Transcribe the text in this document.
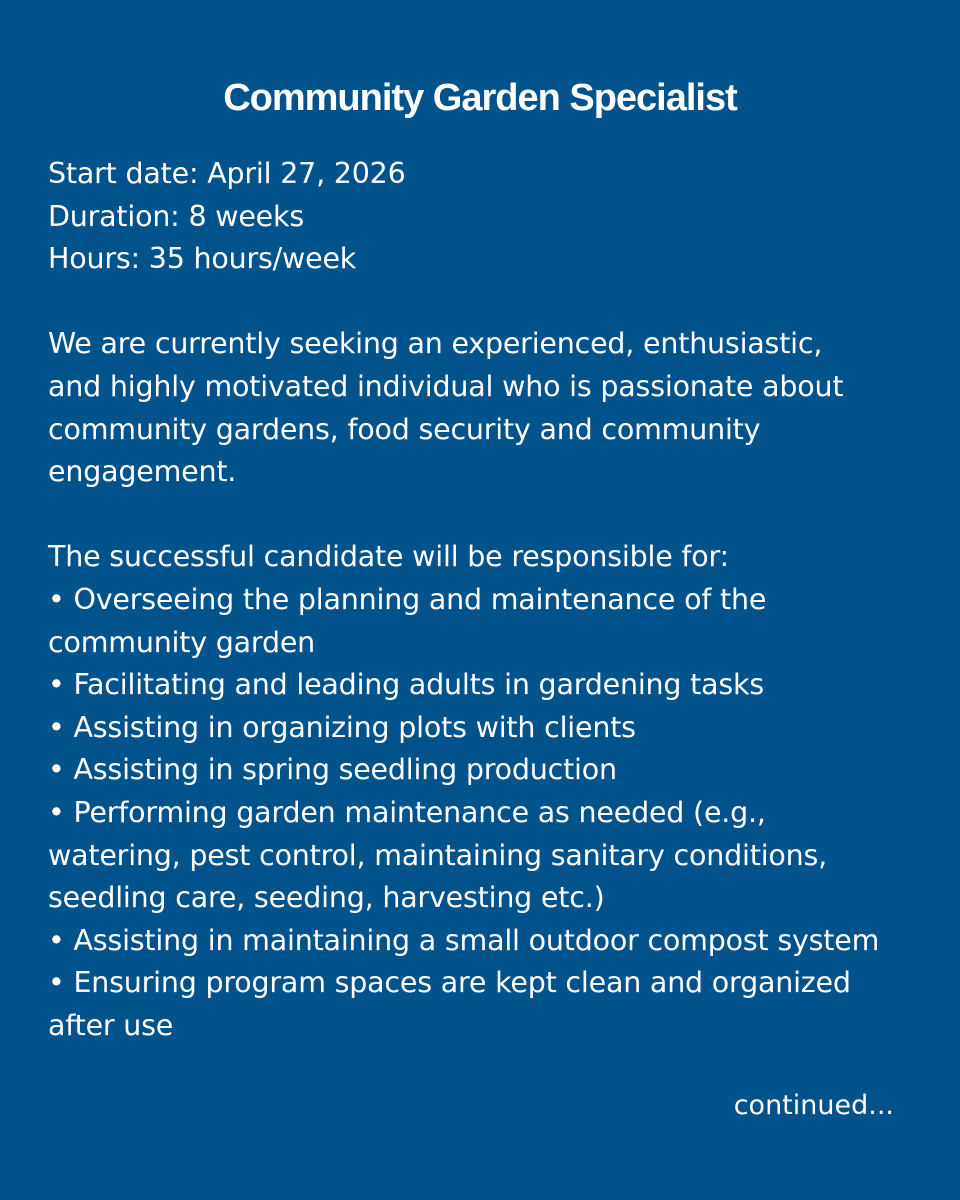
Community Garden Specialist

Start date: April 27, 2026

Duration: 8 weeks

Hours: 35 hours/week

We are currently seeking an experienced, enthusiastic,

and highly motivated individual who is passionate about

community gardens, food security and community

engagement.

The successful candidate will be responsible for:

• Overseeing the planning and maintenance of the

community garden

• Facilitating and leading adults in gardening tasks

• Assisting in organizing plots with clients

• Assisting in spring seedling production

• Performing garden maintenance as needed (e.g.,

watering, pest control, maintaining sanitary conditions,

seedling care, seeding, harvesting etc.)

• Assisting in maintaining a small outdoor compost system

• Ensuring program spaces are kept clean and organized

after use

continued...
